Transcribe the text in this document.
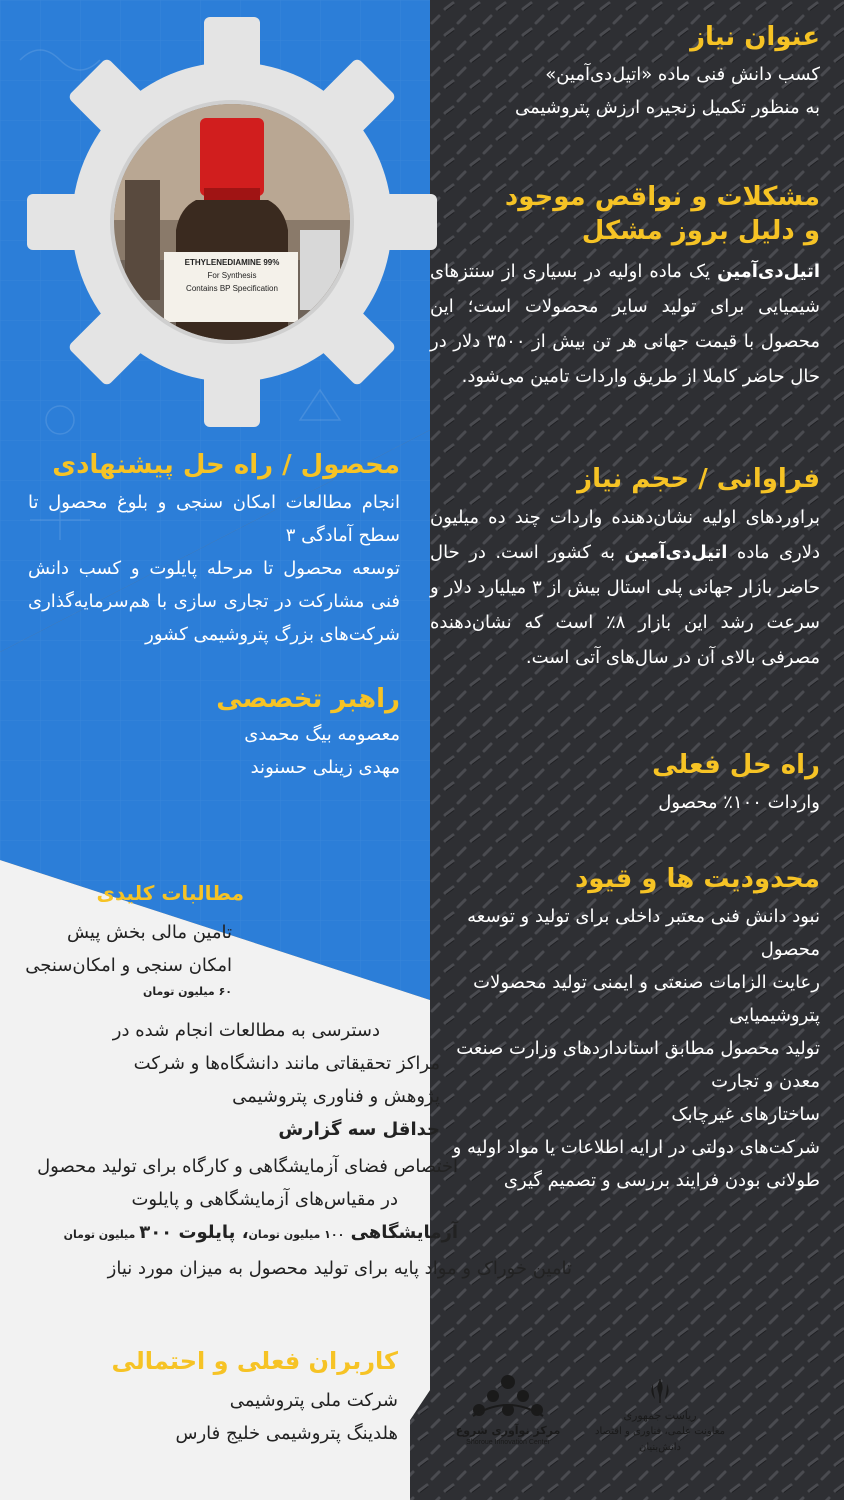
ETHYLENEDIAMINE 99%
For Synthesis
Contains BP Specification
عنوان نیاز
کسب دانش فنی ماده «اتیل‌دی‌آمین»
به منظور تکمیل زنجیره ارزش پتروشیمی
مشکلات و نواقص موجود
و دلیل بروز مشکل
اتیل‌دی‌آمین یک ماده اولیه در بسیاری از سنتزهای شیمیایی برای تولید سایر محصولات است؛ این محصول با قیمت جهانی هر تن بیش از ۳۵۰۰ دلار در حال حاضر کاملا از طریق واردات تامین می‌شود.
فراوانی / حجم نیاز
براوردهای اولیه نشان‌دهنده واردات چند ده میلیون دلاری ماده اتیل‌دی‌آمین به کشور است. در حال حاضر بازار جهانی پلی استال بیش از ۳ میلیارد دلار و سرعت رشد این بازار ۸٪ است که نشان‌دهنده مصرفی بالای آن در سال‌های آتی است.
راه حل فعلی
واردات ۱۰۰٪ محصول
محدودیت ها و قیود
نبود دانش فنی معتبر داخلی برای تولید و توسعه محصول
رعایت الزامات صنعتی و ایمنی تولید محصولات پتروشیمیایی
تولید محصول مطابق استانداردهای وزارت صنعت معدن و تجارت
ساختارهای غیرچابک
شرکت‌های دولتی در ارایه اطلاعات یا مواد اولیه و طولانی بودن فرایند بررسی و تصمیم گیری
محصول / راه حل پیشنهادی
انجام مطالعات امکان سنجی و بلوغ محصول تا سطح آمادگی ۳
توسعه محصول تا مرحله پایلوت و کسب دانش فنی مشارکت در تجاری سازی با هم‌سرمایه‌گذاری شرکت‌های بزرگ پتروشیمی کشور
راهبر تخصصی
معصومه بیگ محمدی
مهدی زینلی حسنوند
مطالبات کلیدی
تامین مالی بخش پیش
امکان سنجی و امکان‌سنجی
۶۰ میلیون تومان
دسترسی به مطالعات انجام شده در
مراکز تحقیقاتی مانند دانشگاه‌ها و شرکت
پژوهش و فناوری پتروشیمی
حداقل سه گزارش
اختصاص فضای آزمایشگاهی و کارگاه برای تولید محصول
در مقیاس‌های آزمایشگاهی و پایلوت
آزمایشگاهی ۱۰۰ میلیون تومان، پایلوت ۳۰۰ میلیون تومان
تامین خوراک و مواد پایه برای تولید محصول به میزان مورد نیاز
کاربران فعلی و احتمالی
شرکت ملی پتروشیمی
هلدینگ پتروشیمی خلیج فارس	مرکز نوآوری شروع
Shoroue Innovation Center
ریاست جمهوری
معاونت علمی، فناوری و اقتصاد دانش‌بنیان
